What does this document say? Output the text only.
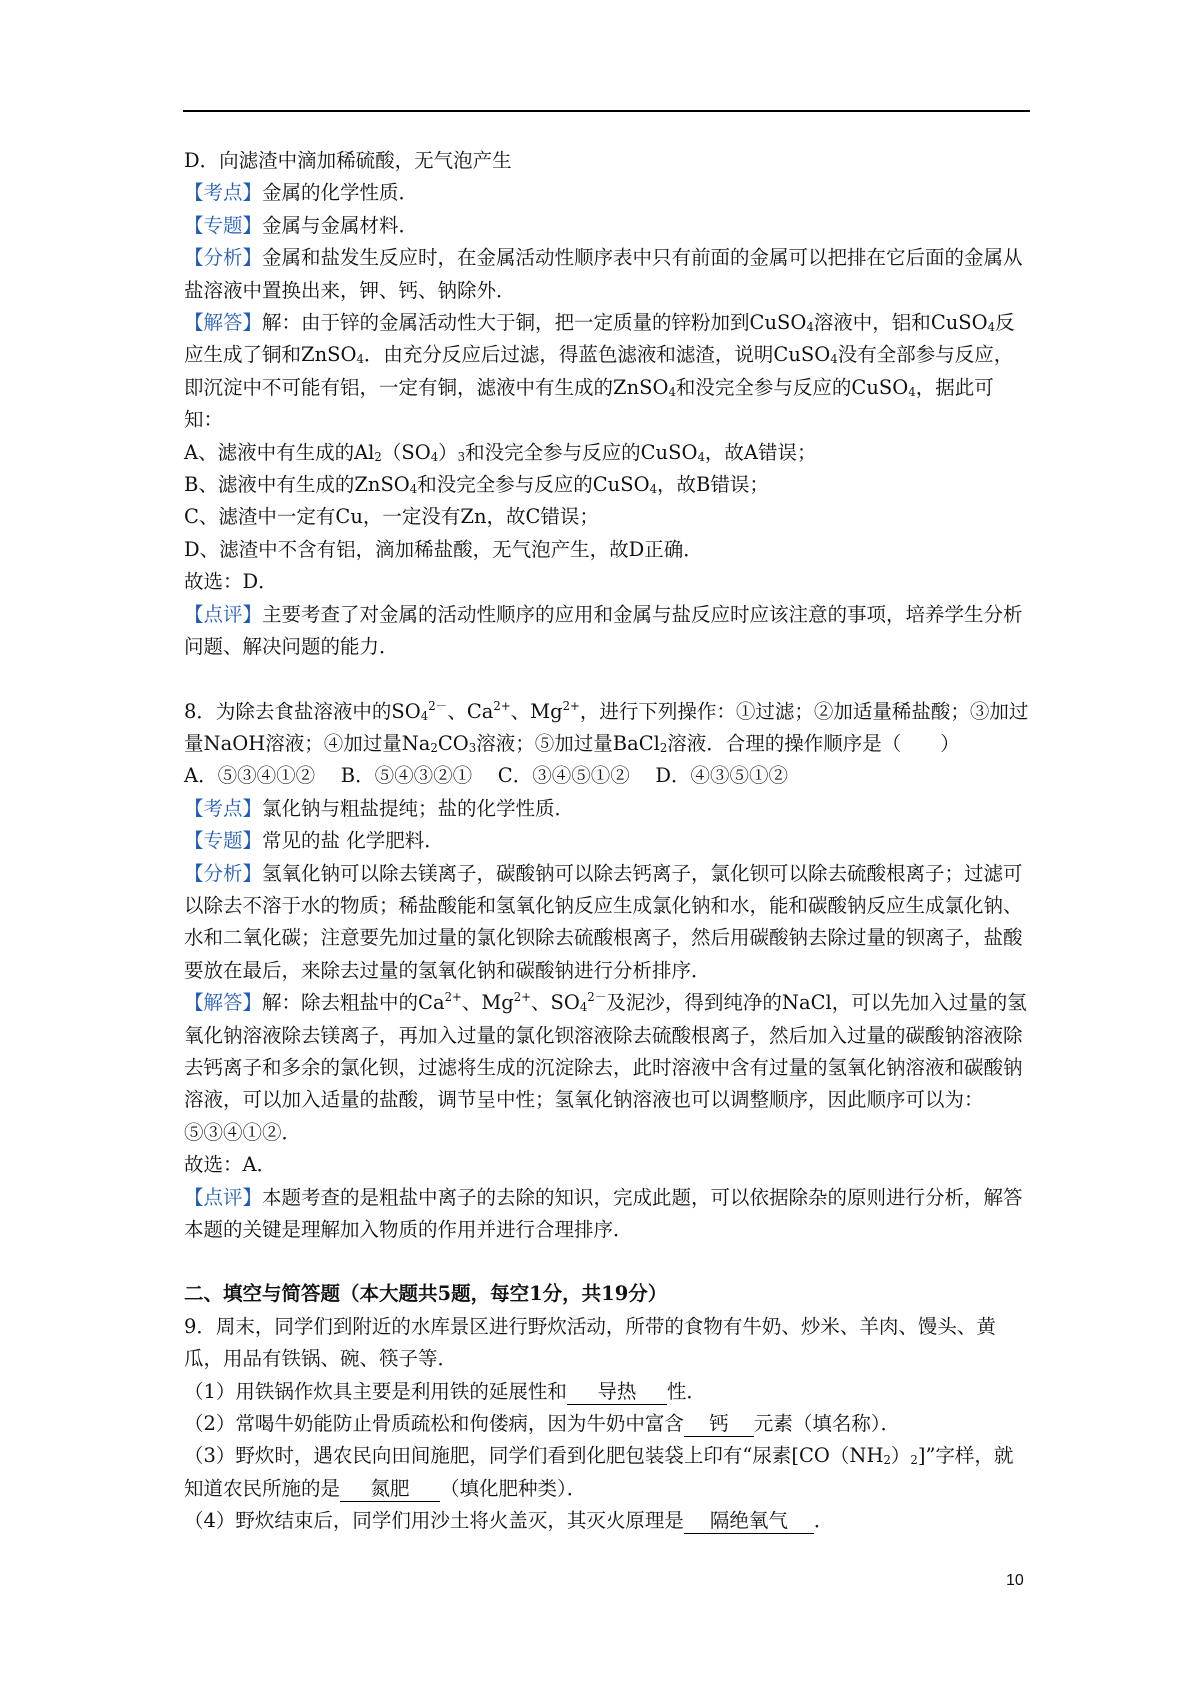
D．向滤渣中滴加稀硫酸，无气泡产生

【考点】金属的化学性质．

【专题】金属与金属材料．

【分析】金属和盐发生反应时，在金属活动性顺序表中只有前面的金属可以把排在它后面的金属从盐溶液中置换出来，钾、钙、钠除外．

【解答】解：由于锌的金属活动性大于铜，把一定质量的锌粉加到CuSO$_4$溶液中，铝和CuSO$_4$反应生成了铜和ZnSO$_4$．由充分反应后过滤，得蓝色滤液和滤渣，说明CuSO$_4$没有全部参与反应，即沉淀中不可能有铝，一定有铜，滤液中有生成的ZnSO$_4$和没完全参与反应的CuSO$_4$，据此可知：

A、滤液中有生成的$Al_2(SO_4)_3$和没完全参与反应的CuSO$_4$，故A错误；

B、滤液中有生成的ZnSO$_4$和没完全参与反应的CuSO$_4$，故B错误；

C、滤渣中一定有Cu，一定没有Zn，故C错误；

D、滤渣中不含有铝，滴加稀盐酸，无气泡产生，故D正确．

故选：D．

【点评】主要考查了对金属的活动性顺序的应用和金属与盐反应时应该注意的事项，培养学生分析问题、解决问题的能力．

8．为除去食盐溶液中的$SO_4^{2-}$、$Ca^{2+}$、$Mg^{2+}$，进行下列操作：①过滤；②加适量稀盐酸；③加过量NaOH溶液；④加过量$Na_2CO_3$溶液；⑤加过量BaCl$_2$溶液．合理的操作顺序是（　　）

A．⑤③④①②　 B．⑤④③②①　 C．③④⑤①②　 D．④③⑤①②

【考点】氯化钠与粗盐提纯；盐的化学性质．

【专题】常见的盐 化学肥料．

【分析】氢氧化钠可以除去镁离子，碳酸钠可以除去钙离子，氯化钡可以除去硫酸根离子；过滤可以除去不溶于水的物质；稀盐酸能和氢氧化钠反应生成氯化钠和水，能和碳酸钠反应生成氯化钠、水和二氧化碳；注意要先加过量的氯化钡除去硫酸根离子，然后用碳酸钠去除过量的钡离子，盐酸要放在最后，来除去过量的氢氧化钠和碳酸钠进行分析排序．

【解答】解：除去粗盐中的$Ca^{2+}$、$Mg^{2+}$、$SO_4^{2-}$及泥沙，得到纯净的NaCl，可以先加入过量的氢氧化钠溶液除去镁离子，再加入过量的氯化钡溶液除去硫酸根离子，然后加入过量的碳酸钠溶液除去钙离子和多余的氯化钡，过滤将生成的沉淀除去，此时溶液中含有过量的氢氧化钠溶液和碳酸钠溶液，可以加入适量的盐酸，调节呈中性；氢氧化钠溶液也可以调整顺序，因此顺序可以为：⑤③④①②．

故选：A．

【点评】本题考查的是粗盐中离子的去除的知识，完成此题，可以依据除杂的原则进行分析，解答本题的关键是理解加入物质的作用并进行合理排序．

二、填空与简答题（本大题共5题，每空1分，共19分）

9．周末，同学们到附近的水库景区进行野炊活动，所带的食物有牛奶、炒米、羊肉、馒头、黄瓜，用品有铁锅、碗、筷子等．

（1）用铁锅作炊具主要是利用铁的延展性和 导热 性．

（2）常喝牛奶能防止骨质疏松和佝偻病，因为牛奶中富含 钙 元素（填名称）．

（3）野炊时，遇农民向田间施肥，同学们看到化肥包装袋上印有“尿素$[CO(NH_2)_2]$”字样，就知道农民所施的是 氮肥 （填化肥种类）．

（4）野炊结束后，同学们用沙土将火盖灭，其灭火原理是 隔绝氧气 ．

10
